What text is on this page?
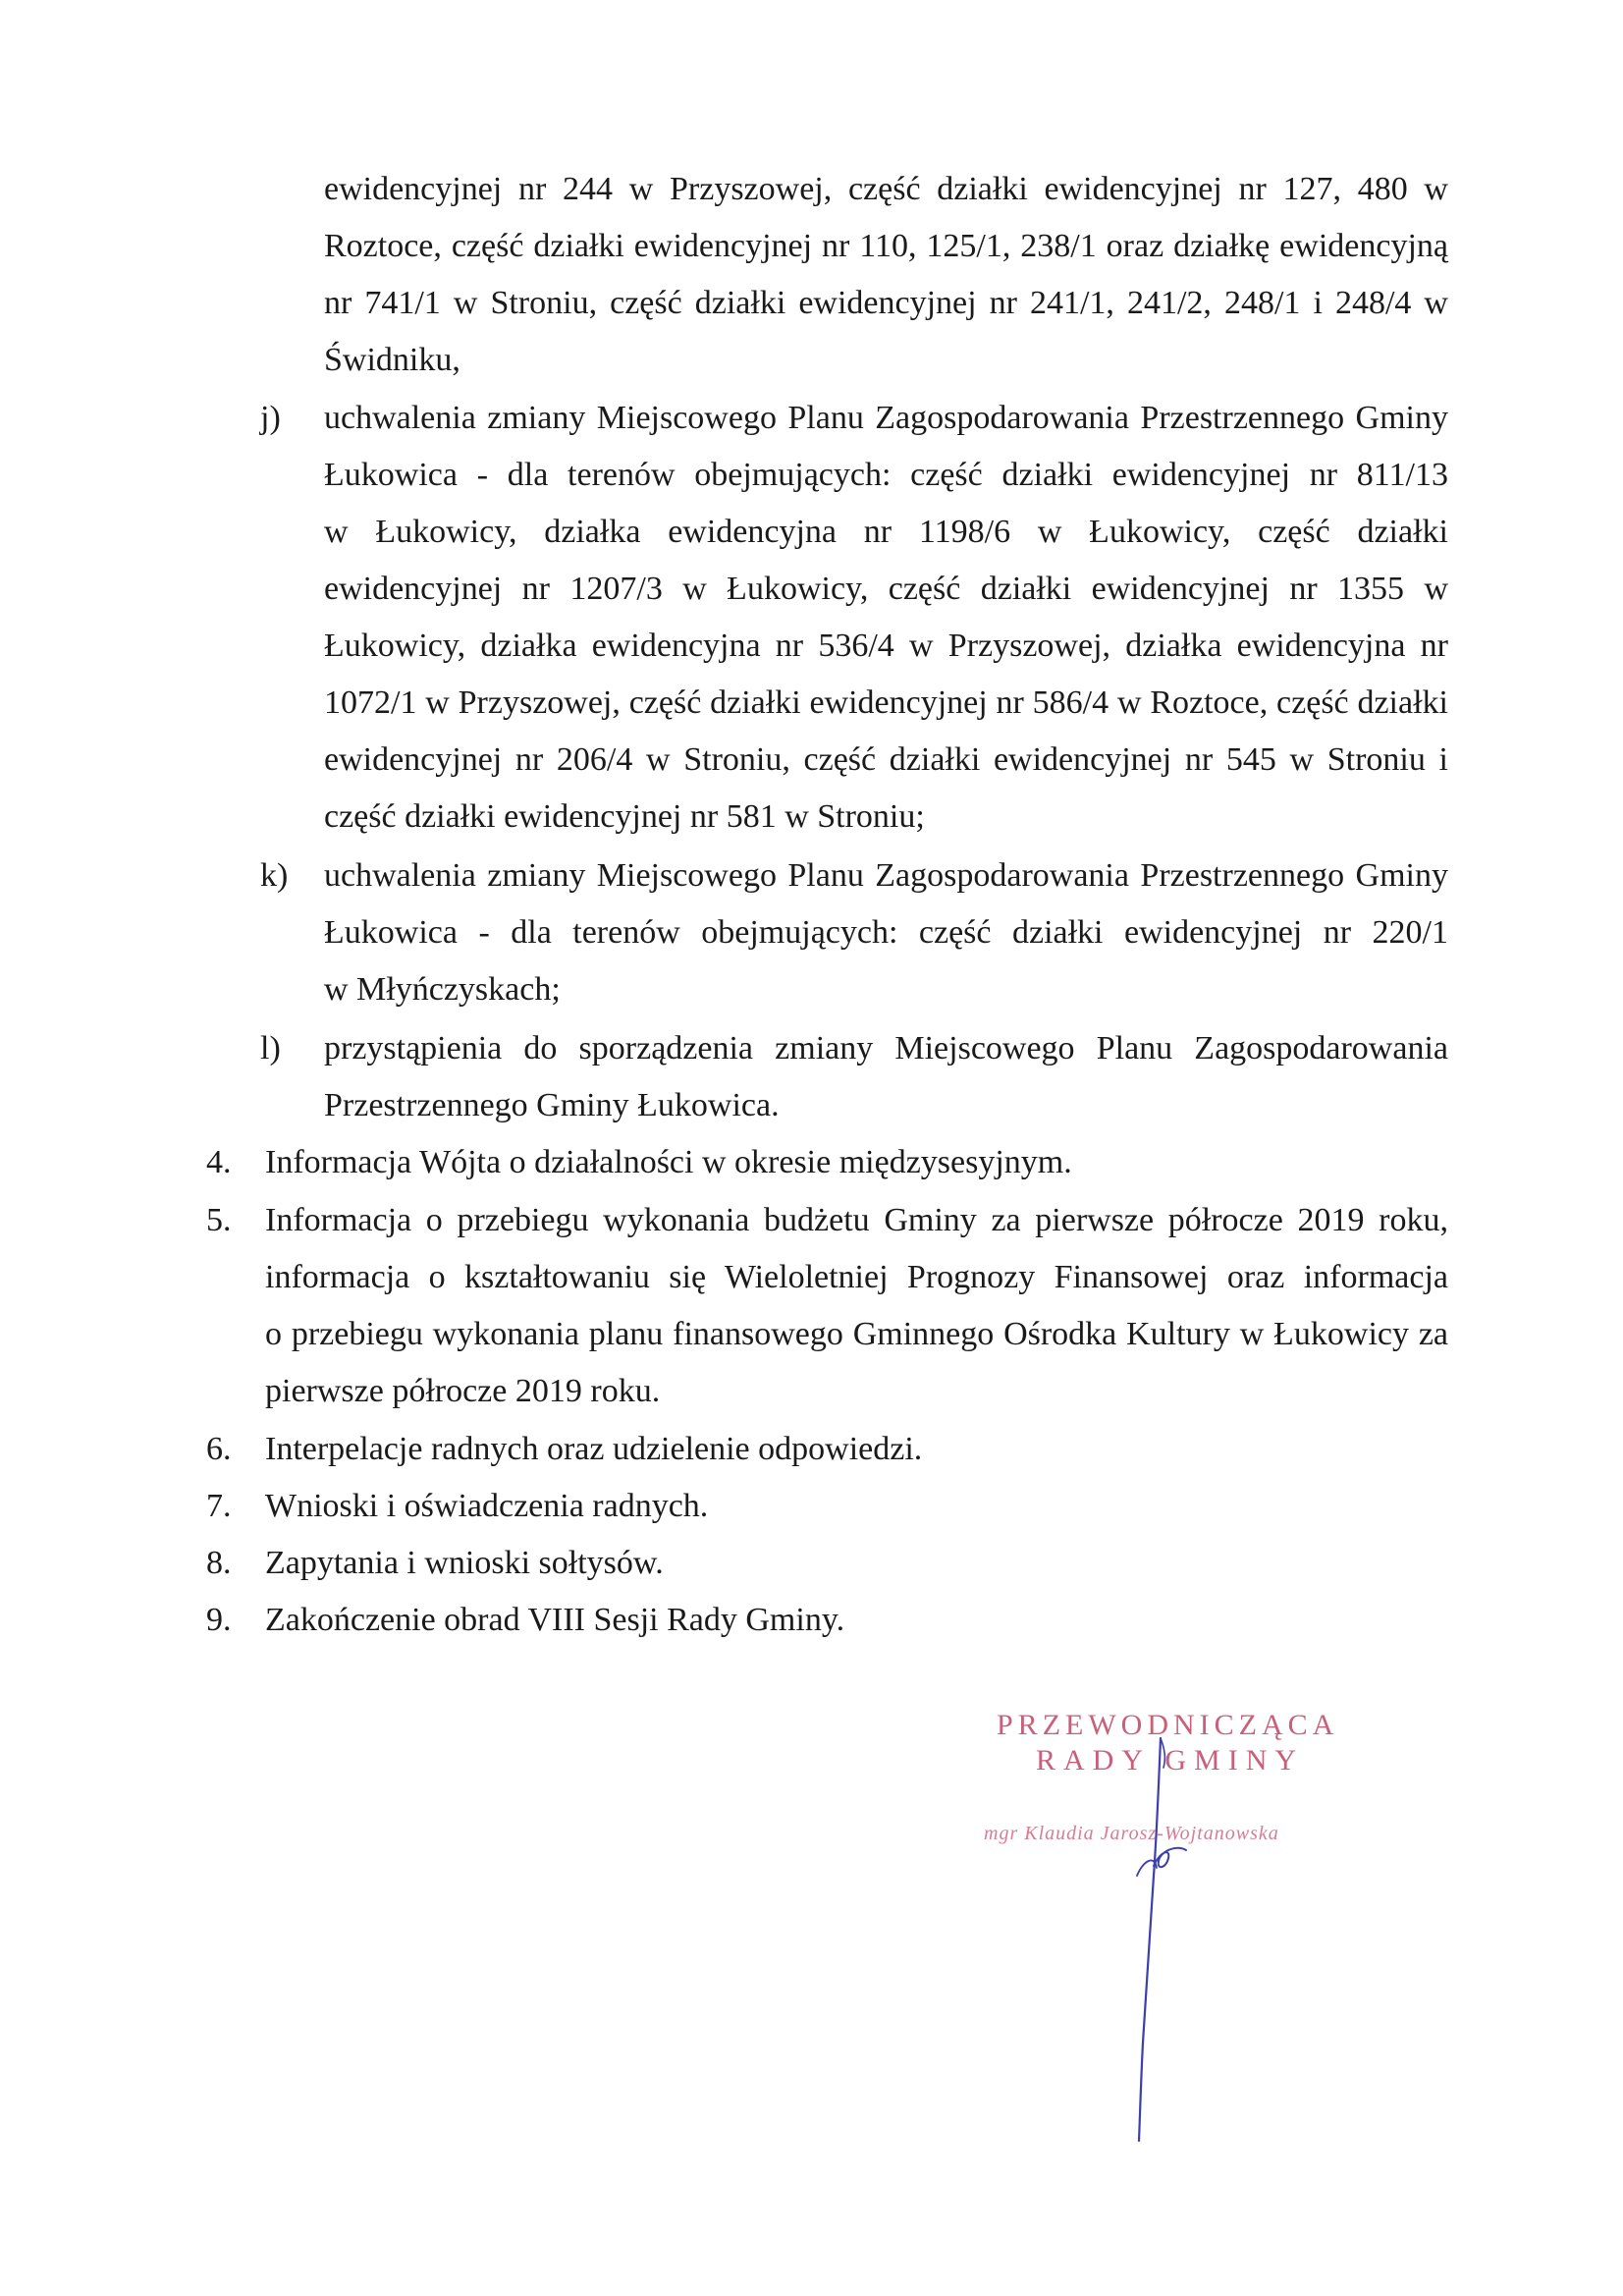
ewidencyjnej nr 244 w Przyszowej, część działki ewidencyjnej nr 127, 480 w
Roztoce, część działki ewidencyjnej nr 110, 125/1, 238/1 oraz działkę ewidencyjną
nr 741/1 w Stroniu, część działki ewidencyjnej nr 241/1, 241/2, 248/1 i 248/4 w
Świdniku,
j) uchwalenia zmiany Miejscowego Planu Zagospodarowania Przestrzennego Gminy
Łukowica - dla terenów obejmujących: część działki ewidencyjnej nr 811/13
w Łukowicy, działka ewidencyjna nr 1198/6 w Łukowicy, część działki
ewidencyjnej nr 1207/3 w Łukowicy, część działki ewidencyjnej nr 1355 w
Łukowicy, działka ewidencyjna nr 536/4 w Przyszowej, działka ewidencyjna nr
1072/1 w Przyszowej, część działki ewidencyjnej nr 586/4 w Roztoce, część działki
ewidencyjnej nr 206/4 w Stroniu, część działki ewidencyjnej nr 545 w Stroniu i
część działki ewidencyjnej nr 581 w Stroniu;
k) uchwalenia zmiany Miejscowego Planu Zagospodarowania Przestrzennego Gminy
Łukowica - dla terenów obejmujących: część działki ewidencyjnej nr 220/1
w Młyńczyskach;
l) przystąpienia do sporządzenia zmiany Miejscowego Planu Zagospodarowania
Przestrzennego Gminy Łukowica.
4. Informacja Wójta o działalności w okresie międzysesyjnym.
5. Informacja o przebiegu wykonania budżetu Gminy za pierwsze półrocze 2019 roku,
informacja o kształtowaniu się Wieloletniej Prognozy Finansowej oraz informacja
o przebiegu wykonania planu finansowego Gminnego Ośrodka Kultury w Łukowicy za
pierwsze półrocze 2019 roku.
6. Interpelacje radnych oraz udzielenie odpowiedzi.
7. Wnioski i oświadczenia radnych.
8. Zapytania i wnioski sołtysów.
9. Zakończenie obrad VIII Sesji Rady Gminy.
PRZEWODNICZĄCA
RADY GMINY
mgr Klaudia Jarosz-Wojtanowska
